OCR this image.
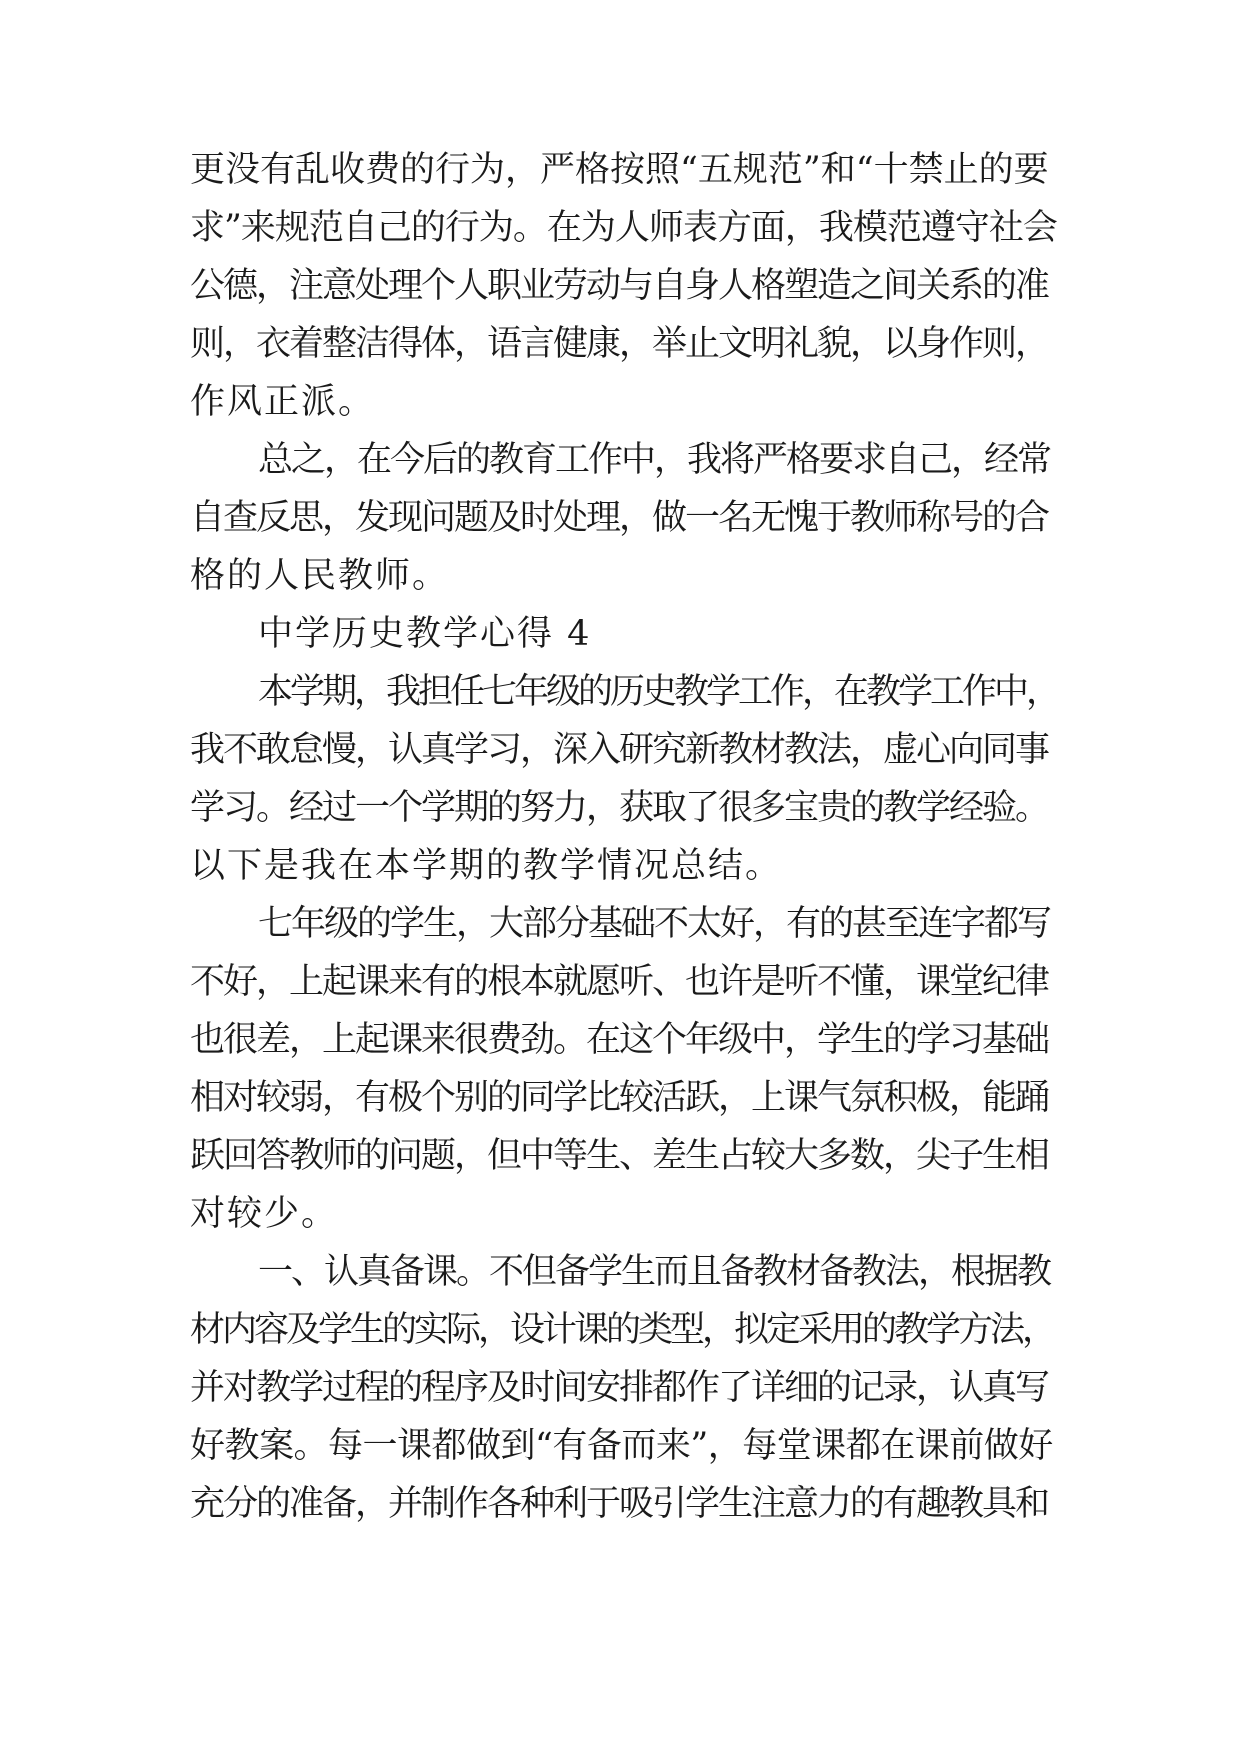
更没有乱收费的行为，严格按照“五规范”和“十禁止的要
求”来规范自己的行为。在为人师表方面，我模范遵守社会
公德，注意处理个人职业劳动与自身人格塑造之间关系的准
则，衣着整洁得体，语言健康，举止文明礼貌，以身作则，
作风正派。
总之，在今后的教育工作中，我将严格要求自己，经常
自查反思，发现问题及时处理，做一名无愧于教师称号的合
格的人民教师。
中学历史教学心得 4
本学期，我担任七年级的历史教学工作，在教学工作中，
我不敢怠慢，认真学习，深入研究新教材教法，虚心向同事
学习。经过一个学期的努力，获取了很多宝贵的教学经验。
以下是我在本学期的教学情况总结。
七年级的学生，大部分基础不太好，有的甚至连字都写
不好，上起课来有的根本就愿听、也许是听不懂，课堂纪律
也很差，上起课来很费劲。在这个年级中，学生的学习基础
相对较弱，有极个别的同学比较活跃，上课气氛积极，能踊
跃回答教师的问题，但中等生、差生占较大多数，尖子生相
对较少。
一、认真备课。不但备学生而且备教材备教法，根据教
材内容及学生的实际，设计课的类型，拟定采用的教学方法，
并对教学过程的程序及时间安排都作了详细的记录，认真写
好教案。每一课都做到“有备而来”，每堂课都在课前做好
充分的准备，并制作各种利于吸引学生注意力的有趣教具和
